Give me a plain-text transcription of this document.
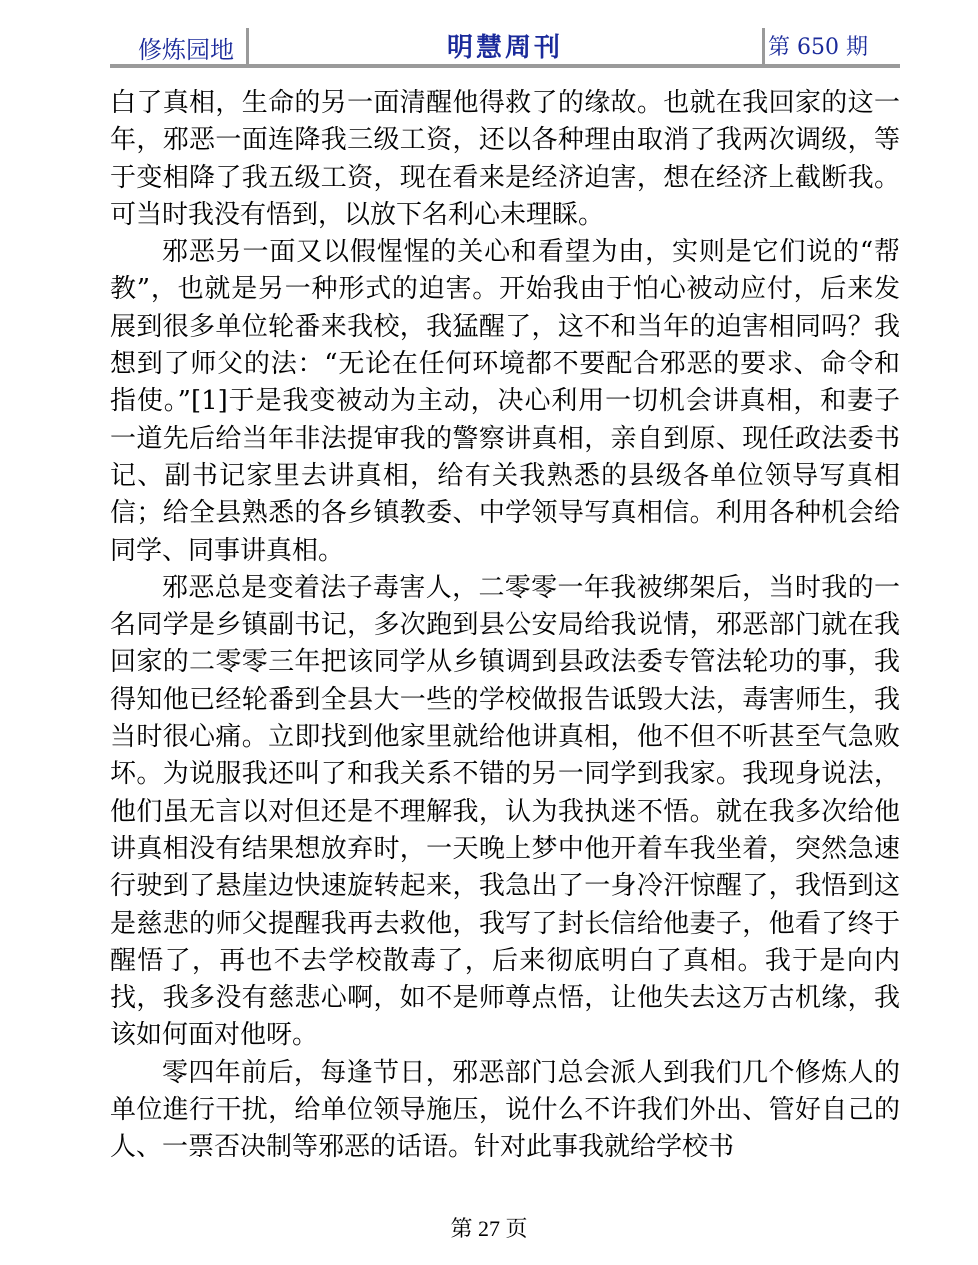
修炼园地	明慧周刊	第 650 期

白了真相，生命的另一面清醒他得救了的缘故。也就在我回家的这一年，邪恶一面连降我三级工资，还以各种理由取消了我两次调级，等于变相降了我五级工资，现在看来是经济迫害，想在经济上截断我。可当时我没有悟到，以放下名利心未理睬。

邪恶另一面又以假惺惺的关心和看望为由，实则是它们说的“帮教”，也就是另一种形式的迫害。开始我由于怕心被动应付，后来发展到很多单位轮番来我校，我猛醒了，这不和当年的迫害相同吗？我想到了师父的法：“无论在任何环境都不要配合邪恶的要求、命令和指使。”[1]于是我变被动为主动，决心利用一切机会讲真相，和妻子一道先后给当年非法提审我的警察讲真相，亲自到原、现任政法委书记、副书记家里去讲真相，给有关我熟悉的县级各单位领导写真相信；给全县熟悉的各乡镇教委、中学领导写真相信。利用各种机会给同学、同事讲真相。

邪恶总是变着法子毒害人，二零零一年我被绑架后，当时我的一名同学是乡镇副书记，多次跑到县公安局给我说情，邪恶部门就在我回家的二零零三年把该同学从乡镇调到县政法委专管法轮功的事，我得知他已经轮番到全县大一些的学校做报告诋毁大法，毒害师生，我当时很心痛。立即找到他家里就给他讲真相，他不但不听甚至气急败坏。为说服我还叫了和我关系不错的另一同学到我家。我现身说法，他们虽无言以对但还是不理解我，认为我执迷不悟。就在我多次给他讲真相没有结果想放弃时，一天晚上梦中他开着车我坐着，突然急速行驶到了悬崖边快速旋转起来，我急出了一身冷汗惊醒了，我悟到这是慈悲的师父提醒我再去救他，我写了封长信给他妻子，他看了终于醒悟了，再也不去学校散毒了，后来彻底明白了真相。我于是向内找，我多没有慈悲心啊，如不是师尊点悟，让他失去这万古机缘，我该如何面对他呀。

零四年前后，每逢节日，邪恶部门总会派人到我们几个修炼人的单位進行干扰，给单位领导施压，说什么不许我们外出、管好自己的人、一票否决制等邪恶的话语。针对此事我就给学校书

第 27 页
